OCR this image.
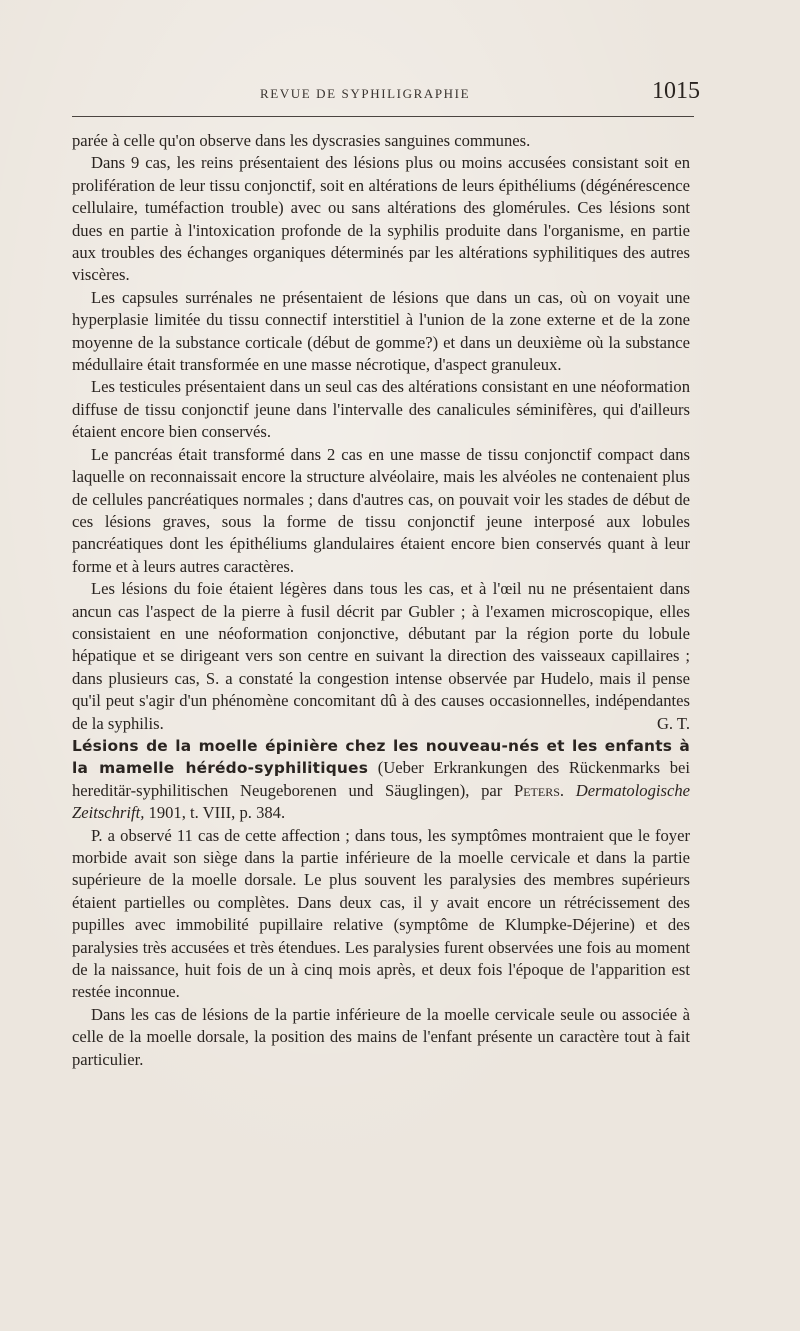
REVUE DE SYPHILIGRAPHIE	1015

parée à celle qu'on observe dans les dyscrasies sanguines communes.

Dans 9 cas, les reins présentaient des lésions plus ou moins accusées consistant soit en prolifération de leur tissu conjonctif, soit en altérations de leurs épithéliums (dégénérescence cellulaire, tuméfaction trouble) avec ou sans altérations des glomérules. Ces lésions sont dues en partie à l'intoxication profonde de la syphilis produite dans l'organisme, en partie aux troubles des échanges organiques déterminés par les altérations syphilitiques des autres viscères.

Les capsules surrénales ne présentaient de lésions que dans un cas, où on voyait une hyperplasie limitée du tissu connectif interstitiel à l'union de la zone externe et de la zone moyenne de la substance corticale (début de gomme?) et dans un deuxième où la substance médullaire était transformée en une masse nécrotique, d'aspect granuleux.

Les testicules présentaient dans un seul cas des altérations consistant en une néoformation diffuse de tissu conjonctif jeune dans l'intervalle des canalicules séminifères, qui d'ailleurs étaient encore bien conservés.

Le pancréas était transformé dans 2 cas en une masse de tissu conjonctif compact dans laquelle on reconnaissait encore la structure alvéolaire, mais les alvéoles ne contenaient plus de cellules pancréatiques normales ; dans d'autres cas, on pouvait voir les stades de début de ces lésions graves, sous la forme de tissu conjonctif jeune interposé aux lobules pancréatiques dont les épithéliums glandulaires étaient encore bien conservés quant à leur forme et à leurs autres caractères.

Les lésions du foie étaient légères dans tous les cas, et à l'œil nu ne présentaient dans ancun cas l'aspect de la pierre à fusil décrit par Gubler ; à l'examen microscopique, elles consistaient en une néoformation conjonctive, débutant par la région porte du lobule hépatique et se dirigeant vers son centre en suivant la direction des vaisseaux capillaires ; dans plusieurs cas, S. a constaté la congestion intense observée par Hudelo, mais il pense qu'il peut s'agir d'un phénomène concomitant dû à des causes occasionnelles, indépendantes de la syphilis.	G. T.

Lésions de la moelle épinière chez les nouveau-nés et les enfants à la mamelle hérédo-syphilitiques (Ueber Erkrankungen des Rückenmarks bei hereditär-syphilitischen Neugeborenen und Säuglingen), par Peters. Dermatologische Zeitschrift, 1901, t. VIII, p. 384.

P. a observé 11 cas de cette affection ; dans tous, les symptômes montraient que le foyer morbide avait son siège dans la partie inférieure de la moelle cervicale et dans la partie supérieure de la moelle dorsale. Le plus souvent les paralysies des membres supérieurs étaient partielles ou complètes. Dans deux cas, il y avait encore un rétrécissement des pupilles avec immobilité pupillaire relative (symptôme de Klumpke-Déjerine) et des paralysies très accusées et très étendues. Les paralysies furent observées une fois au moment de la naissance, huit fois de un à cinq mois après, et deux fois l'époque de l'apparition est restée inconnue.

Dans les cas de lésions de la partie inférieure de la moelle cervicale seule ou associée à celle de la moelle dorsale, la position des mains de l'enfant présente un caractère tout à fait particulier.
